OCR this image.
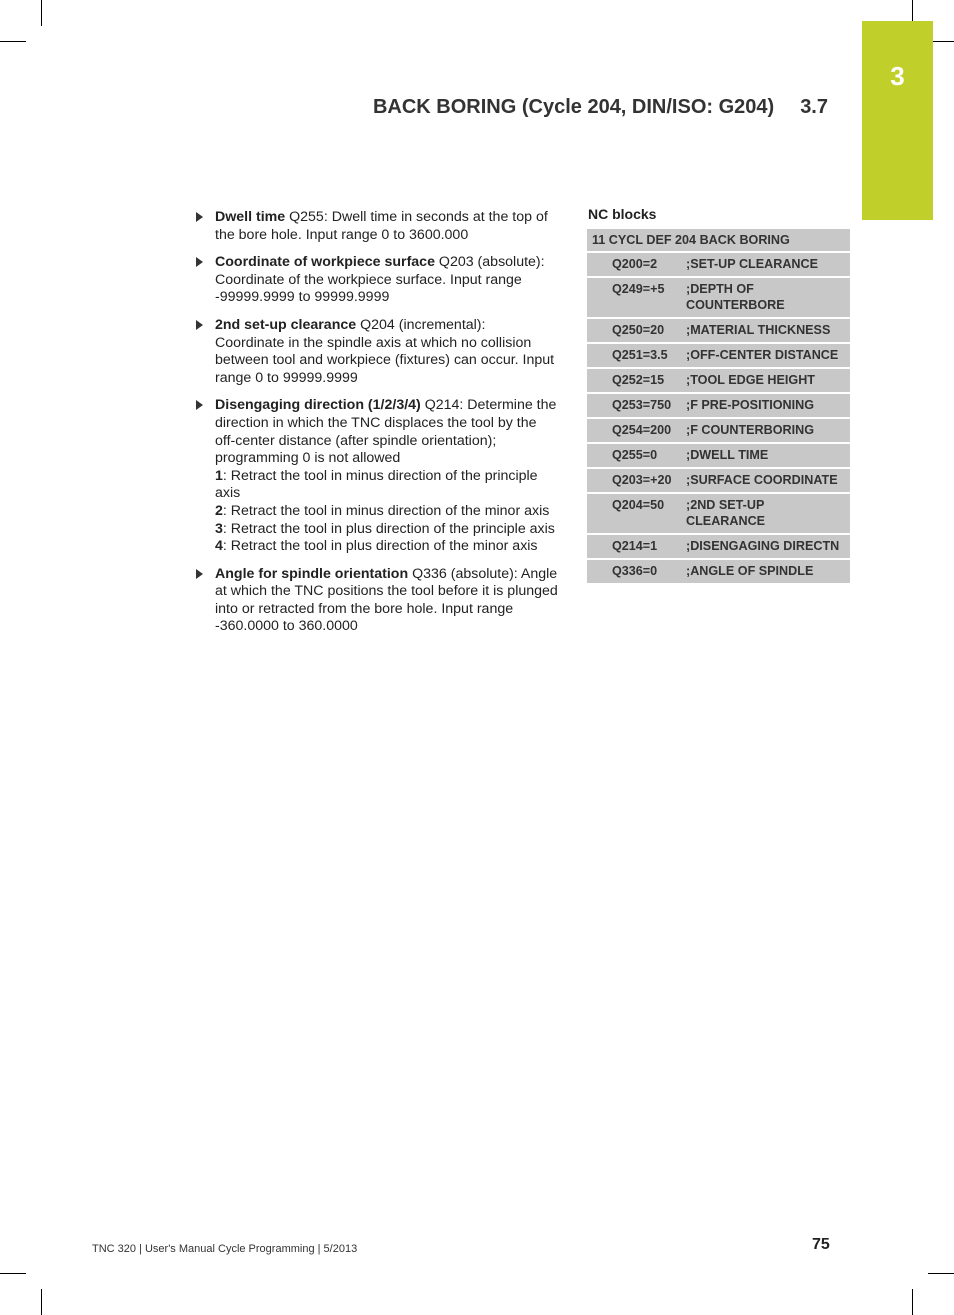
3
BACK BORING (Cycle 204, DIN/ISO: G204) 3.7
Dwell time Q255: Dwell time in seconds at the top of the bore hole. Input range 0 to 3600.000
Coordinate of workpiece surface Q203 (absolute): Coordinate of the workpiece surface. Input range -99999.9999 to 99999.9999
2nd set-up clearance Q204 (incremental): Coordinate in the spindle axis at which no collision between tool and workpiece (fixtures) can occur. Input range 0 to 99999.9999
Disengaging direction (1/2/3/4) Q214: Determine the direction in which the TNC displaces the tool by the off-center distance (after spindle orientation); programming 0 is not allowed
1: Retract the tool in minus direction of the principle axis
2: Retract the tool in minus direction of the minor axis
3: Retract the tool in plus direction of the principle axis
4: Retract the tool in plus direction of the minor axis
Angle for spindle orientation Q336 (absolute): Angle at which the TNC positions the tool before it is plunged into or retracted from the bore hole. Input range -360.0000 to 360.0000
NC blocks
11 CYCL DEF 204 BACK BORING
Q200=2	;SET-UP CLEARANCE
Q249=+5	;DEPTH OF COUNTERBORE
Q250=20	;MATERIAL THICKNESS
Q251=3.5	;OFF-CENTER DISTANCE
Q252=15	;TOOL EDGE HEIGHT
Q253=750	;F PRE-POSITIONING
Q254=200	;F COUNTERBORING
Q255=0	;DWELL TIME
Q203=+20	;SURFACE COORDINATE
Q204=50	;2ND SET-UP CLEARANCE
Q214=1	;DISENGAGING DIRECTN
Q336=0	;ANGLE OF SPINDLE
TNC 320 | User's Manual Cycle Programming | 5/2013	75
